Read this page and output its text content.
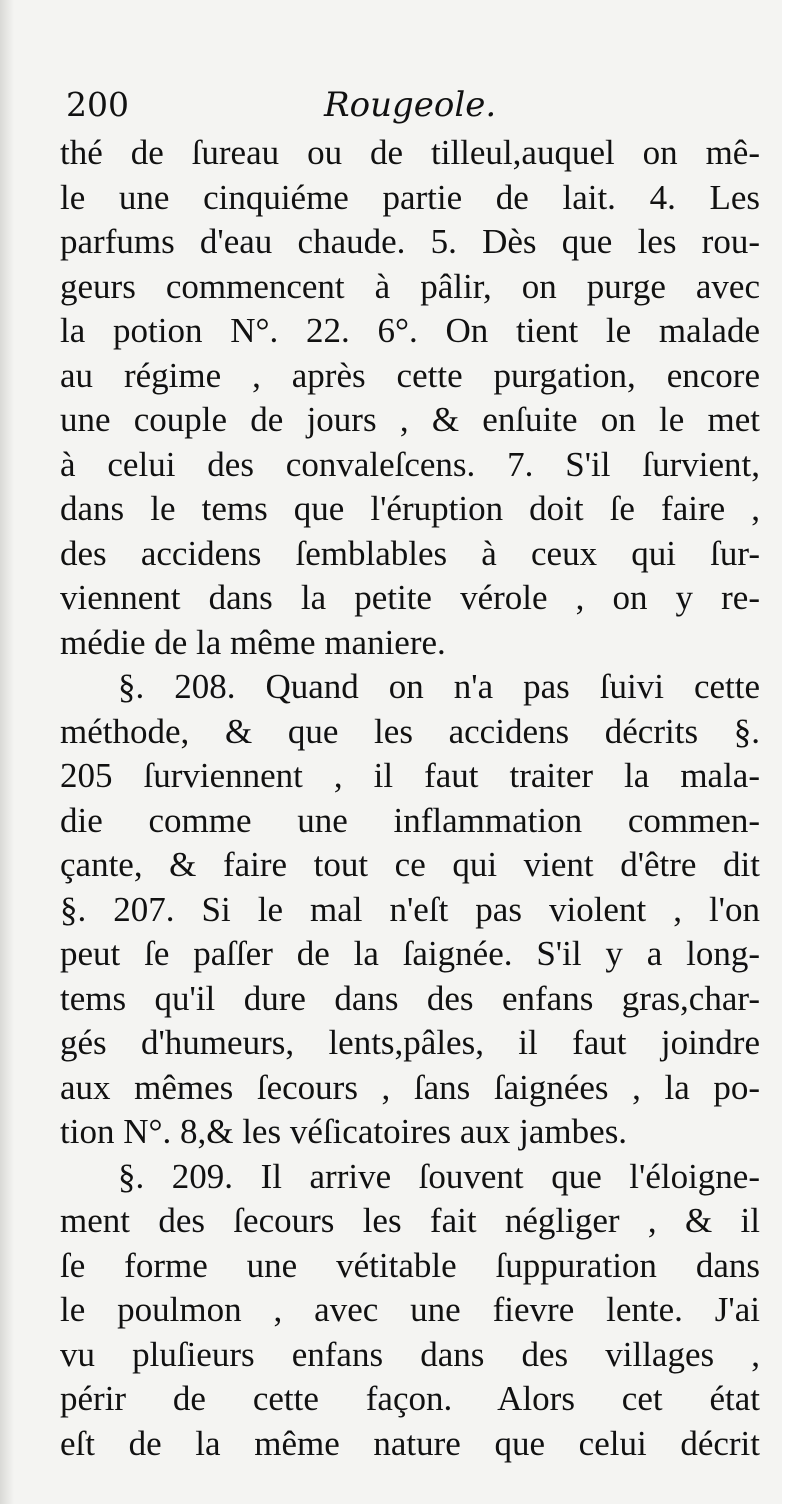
200	Rougeole.
thé de ſureau ou de tilleul,auquel on mê-
le une cinquiéme partie de lait. 4. Les
parfums d'eau chaude. 5. Dès que les rou-
geurs commencent à pâlir, on purge avec
la potion N°. 22. 6°. On tient le malade
au régime , après cette purgation, encore
une couple de jours , & enſuite on le met
à celui des convaleſcens. 7. S'il ſurvient,
dans le tems que l'éruption doit ſe faire ,
des accidens ſemblables à ceux qui ſur-
viennent dans la petite vérole , on y re-
médie de la même maniere.
§. 208. Quand on n'a pas ſuivi cette
méthode, & que les accidens décrits §.
205 ſurviennent , il faut traiter la mala-
die comme une inflammation commen-
çante, & faire tout ce qui vient d'être dit
§. 207. Si le mal n'eſt pas violent , l'on
peut ſe paſſer de la ſaignée. S'il y a long-
tems qu'il dure dans des enfans gras,char-
gés d'humeurs, lents,pâles, il faut joindre
aux mêmes ſecours , ſans ſaignées , la po-
tion N°. 8,& les véſicatoires aux jambes.
§. 209. Il arrive ſouvent que l'éloigne-
ment des ſecours les fait négliger , & il
ſe forme une vétitable ſuppuration dans
le poulmon , avec une fievre lente. J'ai
vu pluſieurs enfans dans des villages ,
périr de cette façon. Alors cet état
eſt de la même nature que celui décrit
